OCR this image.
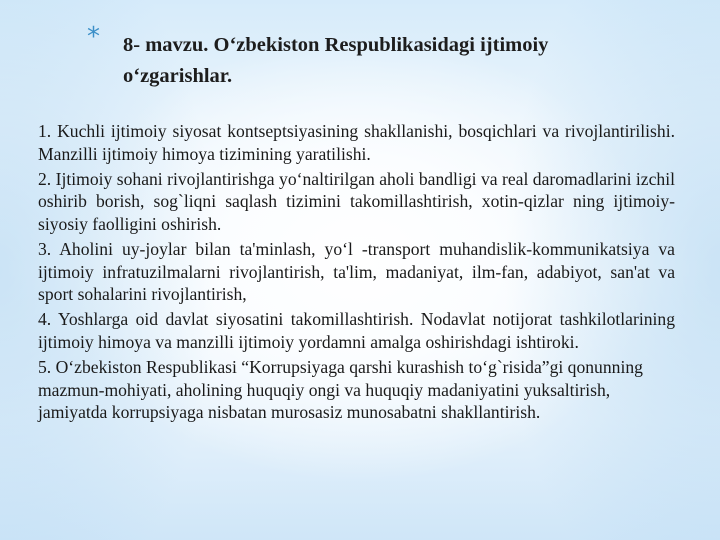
* 8- mavzu. O‘zbekiston Respublikasidagi ijtimoiy
o‘zgarishlar.

1. Kuchli ijtimoiy siyosat kontseptsiyasining shakllanishi, bosqichlari va rivojlantirilishi. Manzilli ijtimoiy himoya tizimining yaratilishi.

2. Ijtimoiy sohani rivojlantirishga yo‘naltirilgan aholi bandligi va real daromadlarini izchil oshirib borish, sog`liqni saqlash tizimini takomillashtirish, xotin-qizlar ning ijtimoiy-siyosiy faolligini oshirish.

3. Aholini uy-joylar bilan ta'minlash, yo‘l -transport muhandislik-kommunikatsiya va ijtimoiy infratuzilmalarni rivojlantirish, ta'lim, madaniyat, ilm-fan, adabiyot, san'at va sport sohalarini rivojlantirish,

4. Yoshlarga oid davlat siyosatini takomillashtirish. Nodavlat notijorat tashkilotlarining ijtimoiy himoya va manzilli ijtimoiy yordamni amalga oshirishdagi ishtiroki.

5. O‘zbekiston Respublikasi “Korrupsiyaga qarshi kurashish to‘g`risida”gi qonunning mazmun-mohiyati, aholining huquqiy ongi va huquqiy madaniyatini yuksaltirish, jamiyatda korrupsiyaga nisbatan murosasiz munosabatni shakllantirish.
